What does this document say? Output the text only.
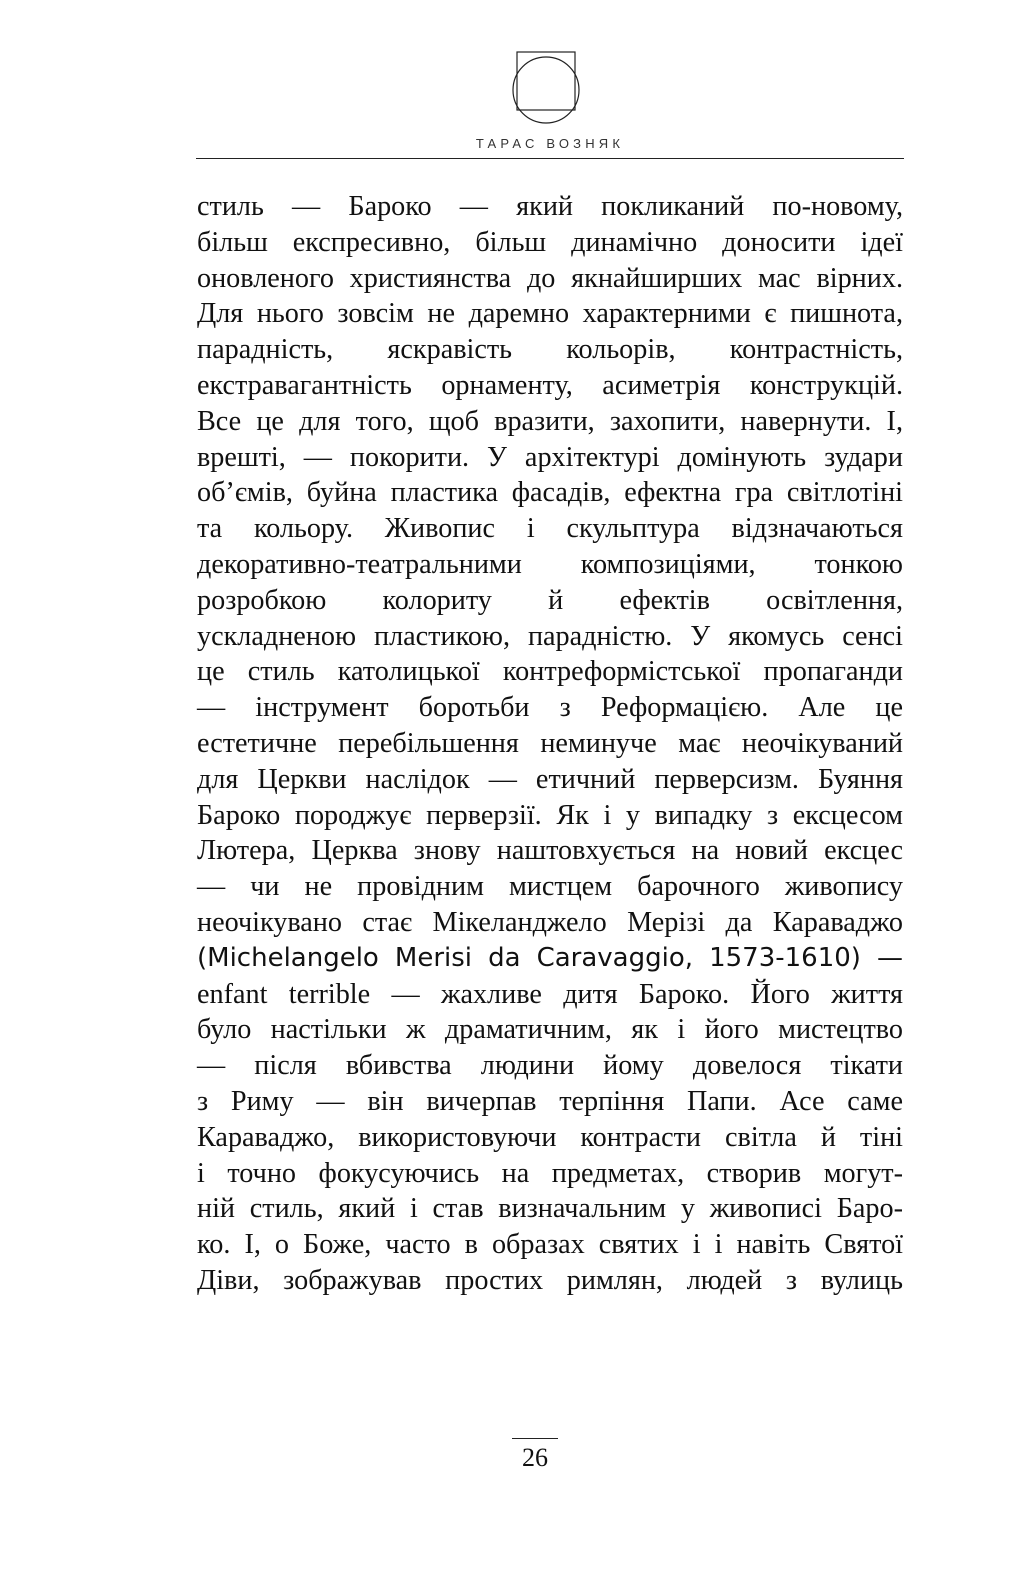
ТАРАС ВОЗНЯК
стиль — Бароко — який покликаний по-новому,
більш експресивно, більш динамічно доносити ідеї
оновленого християнства до якнайширших мас вірних.
Для нього зовсім не даремно характерними є пишнота,
парадність, яскравість кольорів, контрастність,
екстравагантність орнаменту, асиметрія конструкцій.
Все це для того, щоб вразити, захопити, навернути. І,
врешті, — покорити. У архітектурі домінують зудари
об’ємів, буйна пластика фасадів, ефектна гра світлотіні
та кольору. Живопис і скульптура відзначаються
декоративно-театральними композиціями, тонкою
розробкою колориту й ефектів освітлення,
ускладненою пластикою, парадністю. У якомусь сенсі
це стиль католицької контреформістської пропаганди
— інструмент боротьби з Реформацією. Але це
естетичне перебільшення неминуче має неочікуваний
для Церкви наслідок — етичний перверсизм. Буяння
Бароко породжує перверзії. Як і у випадку з ексцесом
Лютера, Церква знову наштовхується на новий ексцес
— чи не провідним мистцем барочного живопису
неочікувано стає Мікеланджело Мерізі да Караваджо
(Michelangelo Merisi da Caravaggio, 1573-1610) —
enfant terrible — жахливе дитя Бароко. Його життя
було настільки ж драматичним, як і його мистецтво
— після вбивства людини йому довелося тікати
з Риму — він вичерпав терпіння Папи. Асе саме
Караваджо, використовуючи контрасти світла й тіні
і точно фокусуючись на предметах, створив могут-
ній стиль, який і став визначальним у живописі Баро-
ко. І, о Боже, часто в образах святих і і навіть Святої
Діви, зображував простих римлян, людей з вулиць
26
